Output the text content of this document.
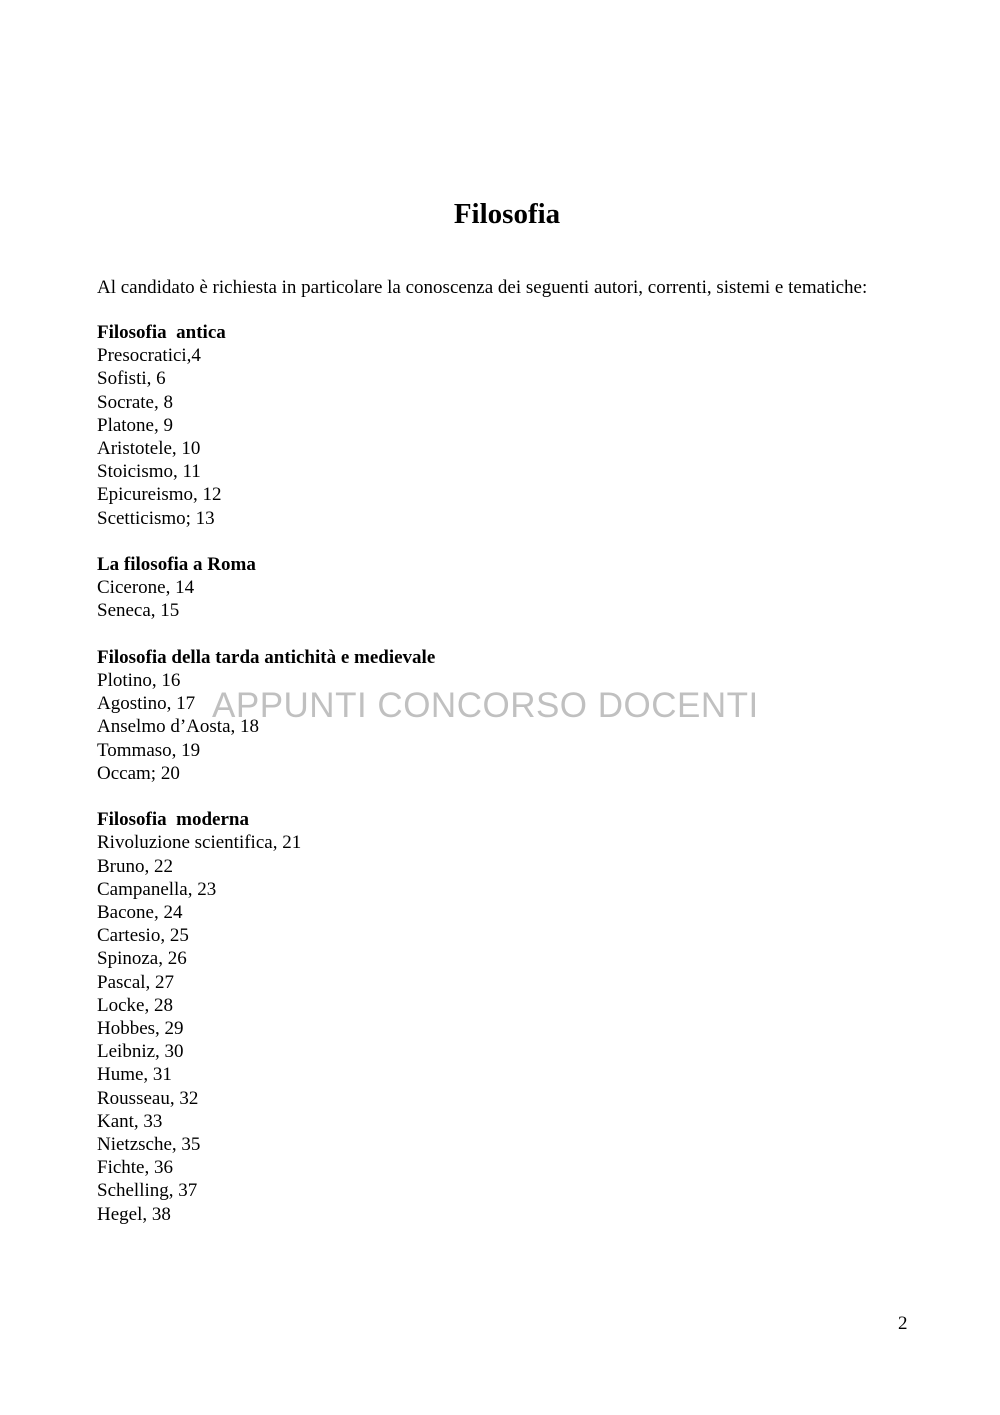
Filosofia

Al candidato è richiesta in particolare la conoscenza dei seguenti autori, correnti, sistemi e tematiche:

Filosofia  antica
Presocratici,4
Sofisti, 6
Socrate, 8
Platone, 9
Aristotele, 10
Stoicismo, 11
Epicureismo, 12
Scetticismo; 13
La filosofia a Roma
Cicerone, 14
Seneca, 15
Filosofia della tarda antichità e medievale
Plotino, 16
Agostino, 17
Anselmo d’Aosta, 18
Tommaso, 19
Occam; 20
Filosofia  moderna
Rivoluzione scientifica, 21
Bruno, 22
Campanella, 23
Bacone, 24
Cartesio, 25
Spinoza, 26
Pascal, 27
Locke, 28
Hobbes, 29
Leibniz, 30
Hume, 31
Rousseau, 32
Kant, 33
Nietzsche, 35
Fichte, 36
Schelling, 37
Hegel, 38
APPUNTI CONCORSO DOCENTI

2
